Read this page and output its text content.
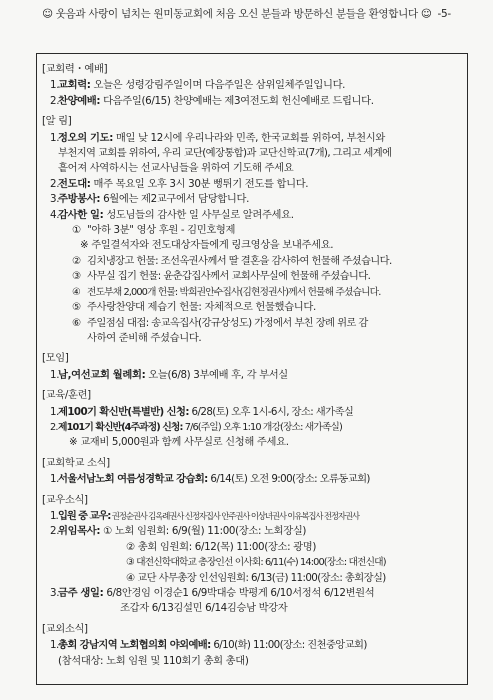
☺ 웃음과 사랑이 넘치는 원미동교회에 처음 오신 분들과 방문하신 분들을 환영합니다 ☺ -5-
[교회력・예배]
1.
교회력: 오늘은 성령강림주일이며 다음주일은 삼위일체주일입니다.
2.
찬양예배: 다음주일(6/15) 찬양예배는 제3여전도회 헌신예배로 드립니다.
[알 림]
1.
정오의 기도: 매일 낮 12시에 우리나라와 민족, 한국교회를 위하여, 부천시와
부천지역 교회를 위하여, 우리 교단(예장통합)과 교단신학교(7개), 그리고 세계에
흩어져 사역하시는 선교사님들을 위하여 기도해 주세요
2.
전도대: 매주 목요일 오후 3시 30분 뻥튀기 전도를 합니다.
3.
주방봉사: 6월에는 제2교구에서 담당합니다.
4.
감사한 일: 성도님들의 감사한 일 사무실로 알려주세요.
① "아하 3분" 영상 후원 - 김민호형제
※ 주일결석자와 전도대상자들에게 링크영상을 보내주세요.
② 김치냉장고 헌물: 조선옥권사께서 딸 결혼을 감사하여 헌물해 주셨습니다.
③ 사무실 집기 헌물: 윤춘갑집사께서 교회사무실에 헌물해 주셨습니다.
④ 전도부채 2,000개 헌물: 박희권안수집사(김현정권사)께서 헌물해 주셨습니다.
⑤ 주사랑찬양대 제습기 헌물: 자체적으로 헌물했습니다.
⑥ 주일점심 대접: 송교옥집사(강규상성도) 가정에서 부친 장례 위로 감
사하여 준비해 주셨습니다.
[모임]
1.
남,여선교회 월례회: 오늘(6/8) 3부예배 후, 각 부서실
[교육/훈련]
1. 제100기 확신반(특별반) 신청: 6/28(토) 오후 1시-6시, 장소: 새가족실
2. 제101기 확신반(4주과정) 신청: 7/6(주일) 오후 1:10 개강(장소: 새가족실)
※ 교재비 5,000원과 함께 사무실로 신청해 주세요.
[교회학교 소식]
1. 서울서남노회 여름성경학교 강습회: 6/14(토) 오전 9:00(장소: 오류동교회)
[교우소식]
1. 입원 중 교우: 권정순권사 김옥례권사 신정자집사 안주권사 이상녀권사 이유복집사 전정자권사
2.
위임목사: ① 노회 임원회: 6/9(월) 11:00(장소: 노회장실)
② 총회 임원회: 6/12(목) 11:00(장소: 광명)
③ 대전신학대학교 총장인선 이사회: 6/11(수) 14:00(장소: 대전신대)
④ 교단 사무총장 인선임원회: 6/13(금) 11:00(장소: 총회장실)
3.
금주 생일: 6/8안경임 이경순1 6/9박대승 박평게 6/10서정석 6/12변원석
조갑자 6/13김설민 6/14김승남 박강자
[교외소식]
1. 총회 강남지역 노회협의회 야외예배: 6/10(화) 11:00(장소: 진천중앙교회)
(참석대상: 노회 임원 및 110회기 총회 총대)
